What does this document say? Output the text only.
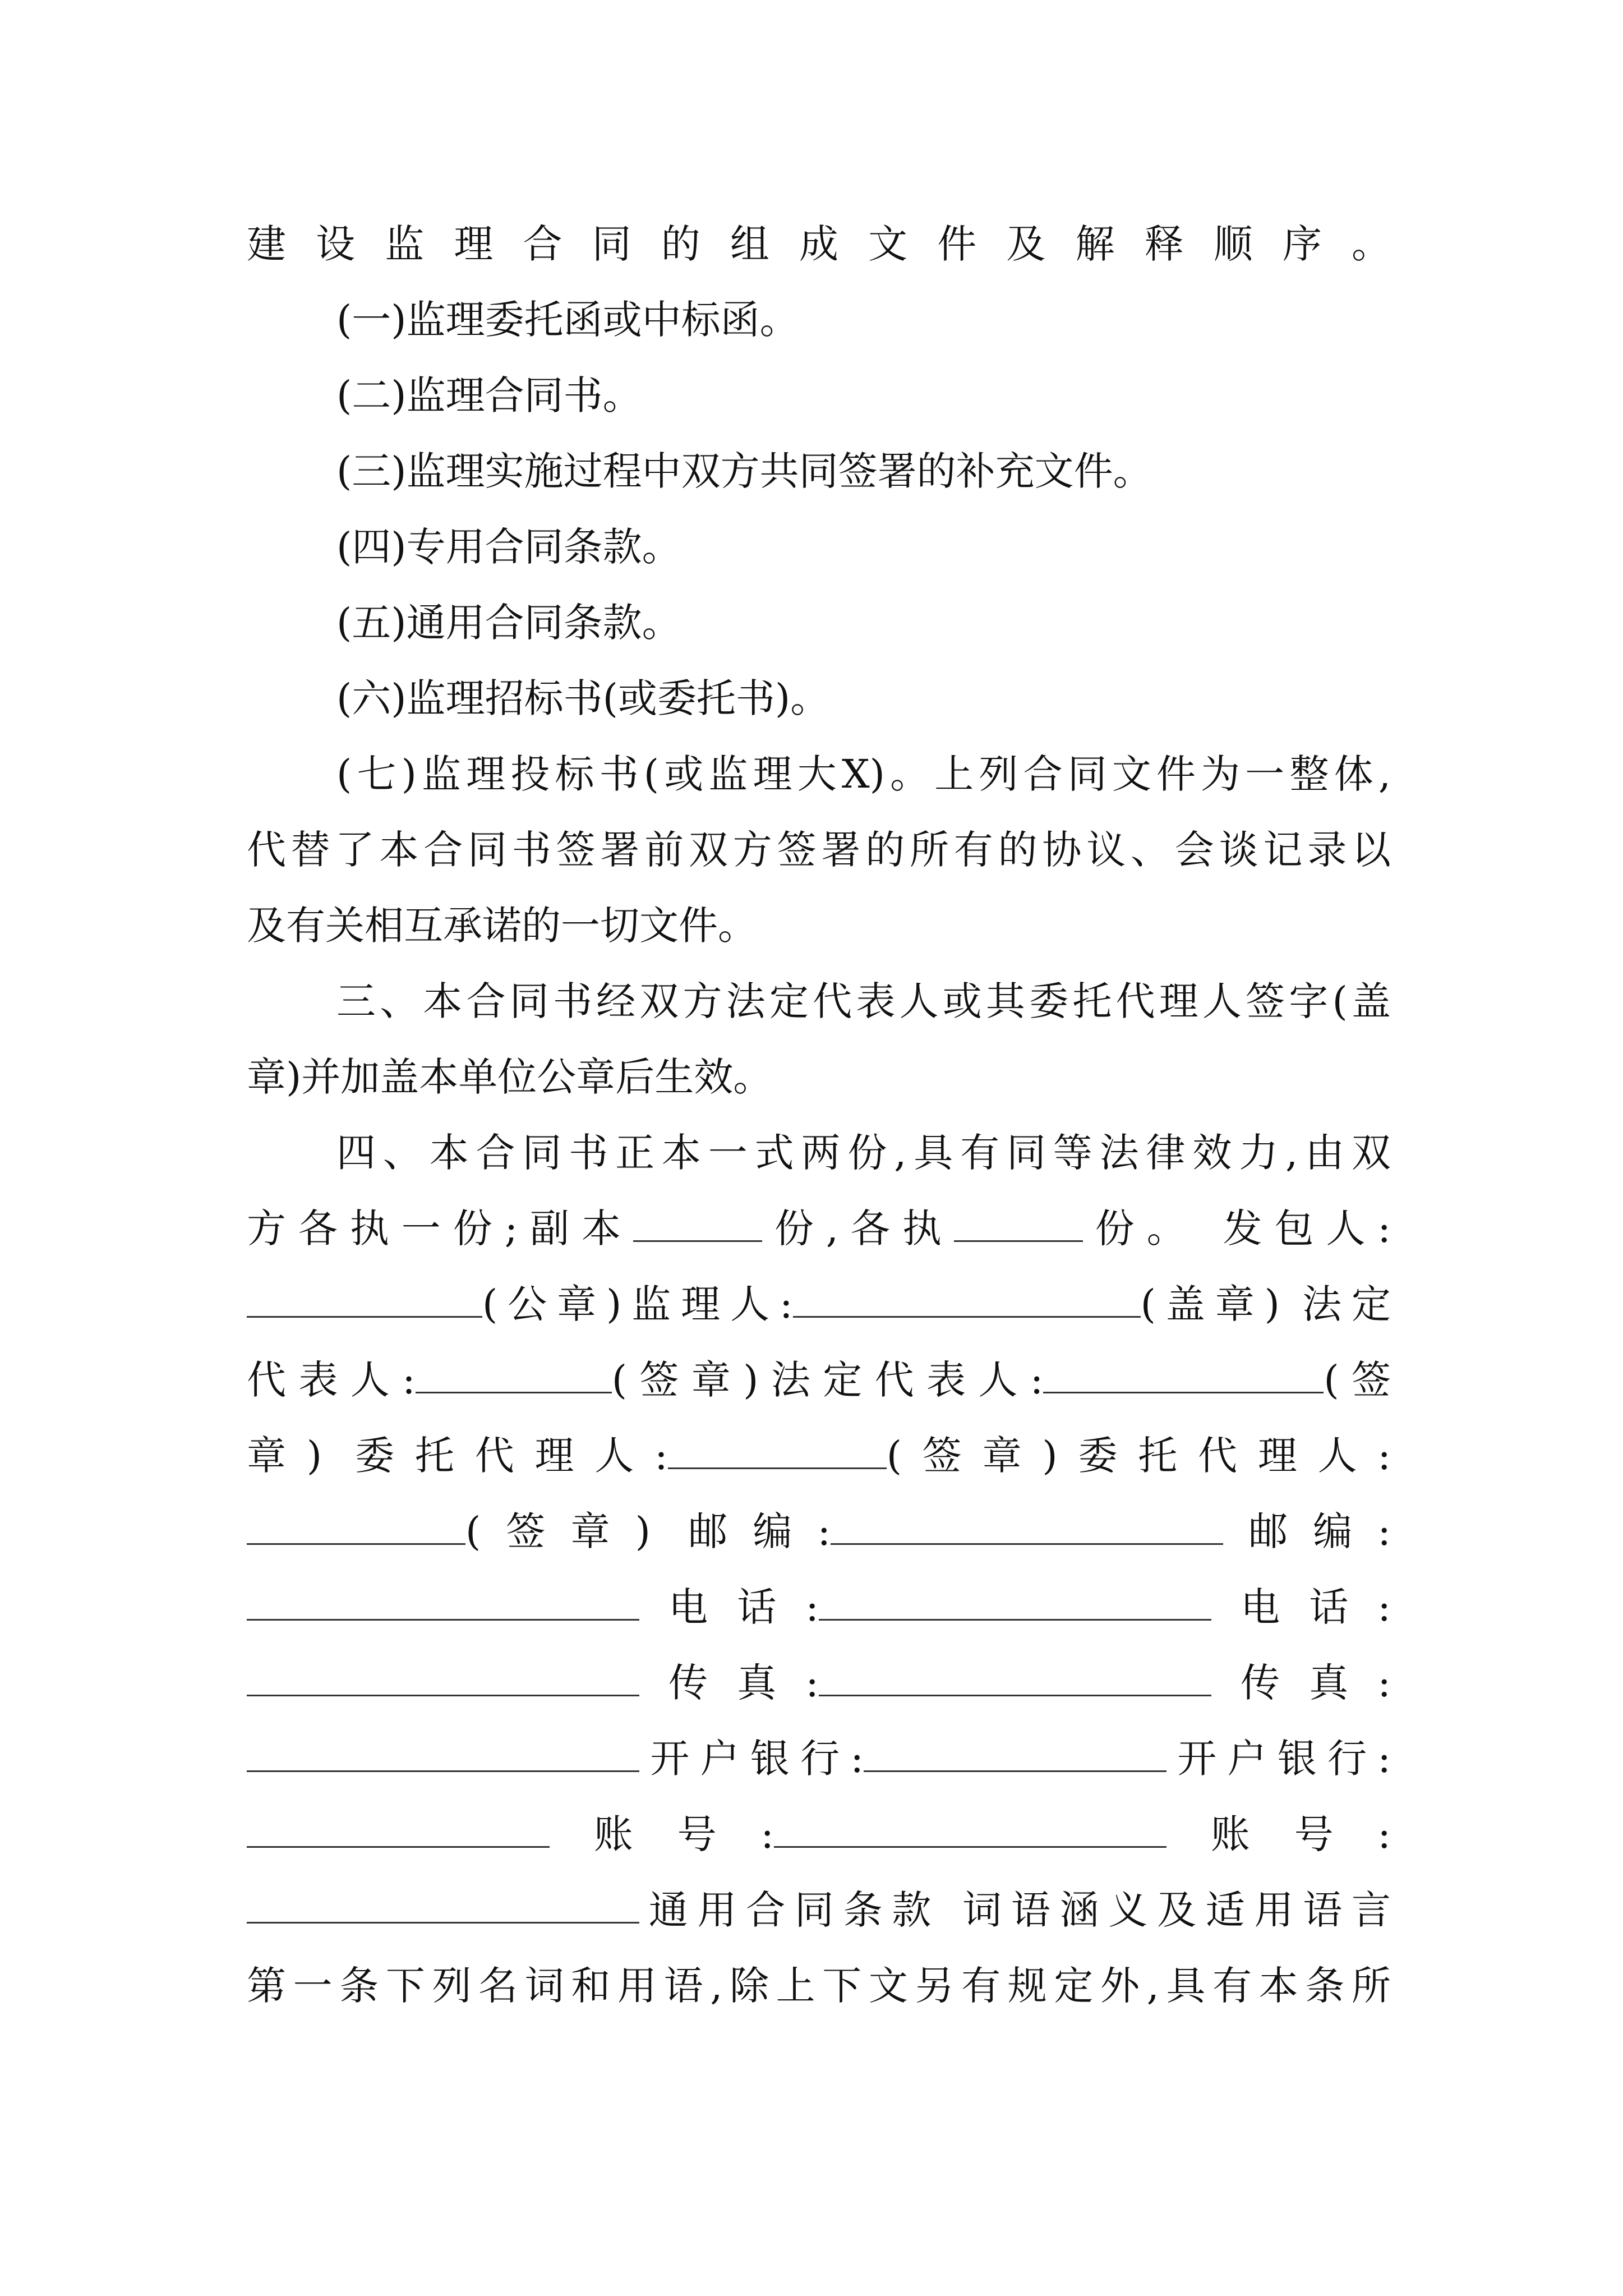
建设监理合同的组成文件及解释顺序。
(一)监理委托函或中标函。
(二)监理合同书。
(三)监理实施过程中双方共同签署的补充文件。
(四)专用合同条款。
(五)通用合同条款。
(六)监理招标书(或委托书)。
(七)监理投标书(或监理大X)。上列合同文件为一整体,
代替了本合同书签署前双方签署的所有的协议、会谈记录以
及有关相互承诺的一切文件。
三、本合同书经双方法定代表人或其委托代理人签字(盖
章)并加盖本单位公章后生效。
四、本合同书正本一式两份,具有同等法律效力,由双
方各执一份;副本	份,各执	份。 发包人:
(公章)监理人:	(盖章) 法定
代表人:	(签章)法定代表人:	(签
章) 委托代理人:	(签章)委托代理人:
(签章) 邮编:	邮编:
电话:	电话:
传真:	传真:
开户银行:	开户银行:
账号:	账号:
通用合同条款 词语涵义及适用语言
第一条下列名词和用语,除上下文另有规定外,具有本条所
